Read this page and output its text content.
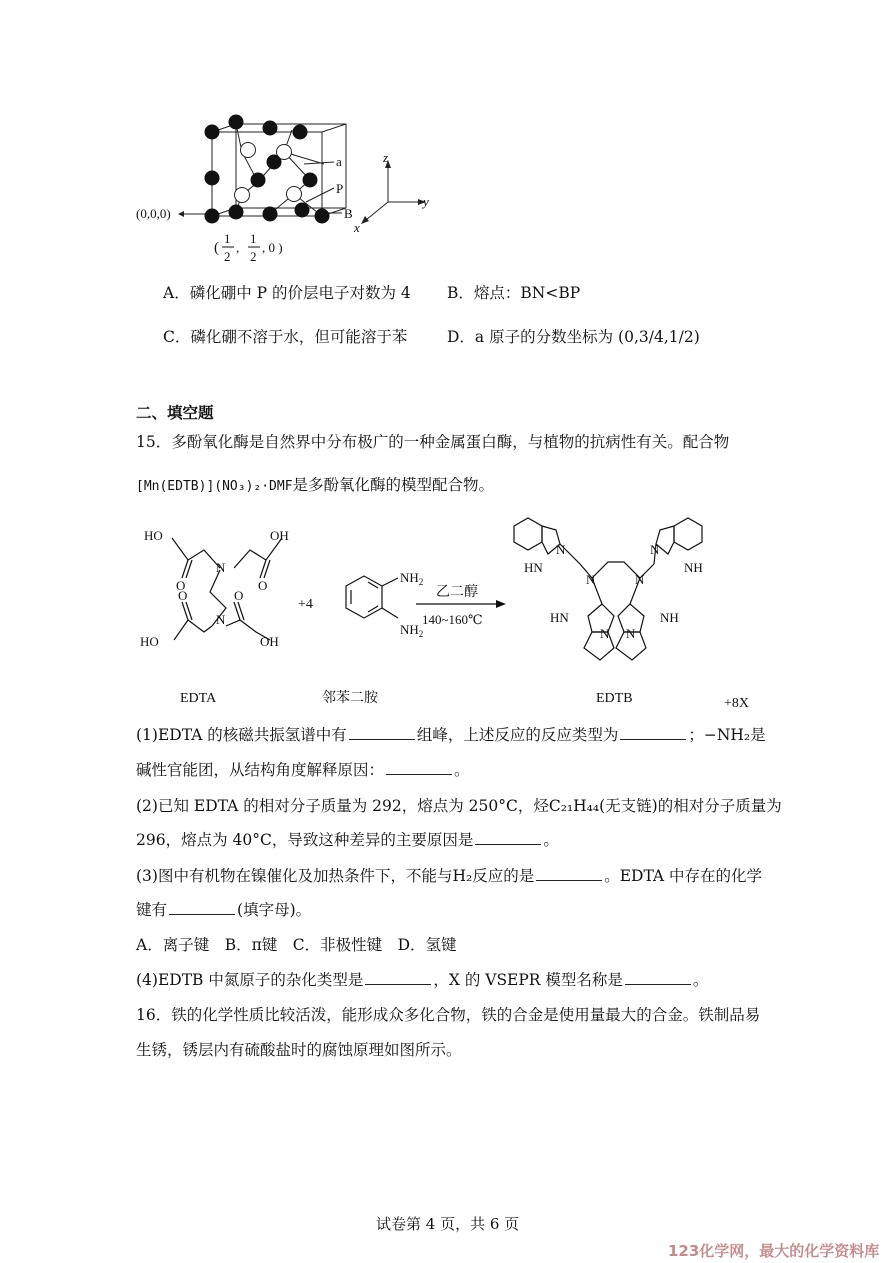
a
P
B
(0,0,0)
z
y
x
(
1
2
,
1
2
, 0 )
A．磷化硼中 P 的价层电子对数为 4 B．熔点：BN<BP
C．磷化硼不溶于水，但可能溶于苯	D．a 原子的分数坐标为 (0,3/4,1/2)
二、填空题
15．多酚氧化酶是自然界中分布极广的一种金属蛋白酶，与植物的抗病性有关。配合物
[Mn(EDTB)](NO₃)₂·DMF是多酚氧化酶的模型配合物。
HO	OH
O	O
N
N
O	O
HO	OH
$NH_2$
$NH_2$
+4
乙二醇
140~160℃
HN
N
N	N
N
NH
HN
N N
NH
EDTA	邻苯二胺	EDTB	+8X
(1)EDTA 的核磁共振氢谱中有	组峰，上述反应的反应类型为	；−NH₂是
碱性官能团，从结构角度解释原因：	。
(2)已知 EDTA 的相对分子质量为 292，熔点为 250°C，烃C₂₁H₄₄(无支链)的相对分子质量为
296，熔点为 40°C，导致这种差异的主要原因是	。
(3)图中有机物在镍催化及加热条件下，不能与H₂反应的是	。EDTA 中存在的化学
键有	(填字母)。
A．离子键　B．π键　C．非极性键　D．氢键
(4)EDTB 中氮原子的杂化类型是	，X 的 VSEPR 模型名称是	。
16．铁的化学性质比较活泼，能形成众多化合物，铁的合金是使用量最大的合金。铁制品易
生锈，锈层内有硫酸盐时的腐蚀原理如图所示。
试卷第 4 页，共 6 页
123化学网，最大的化学资料库
